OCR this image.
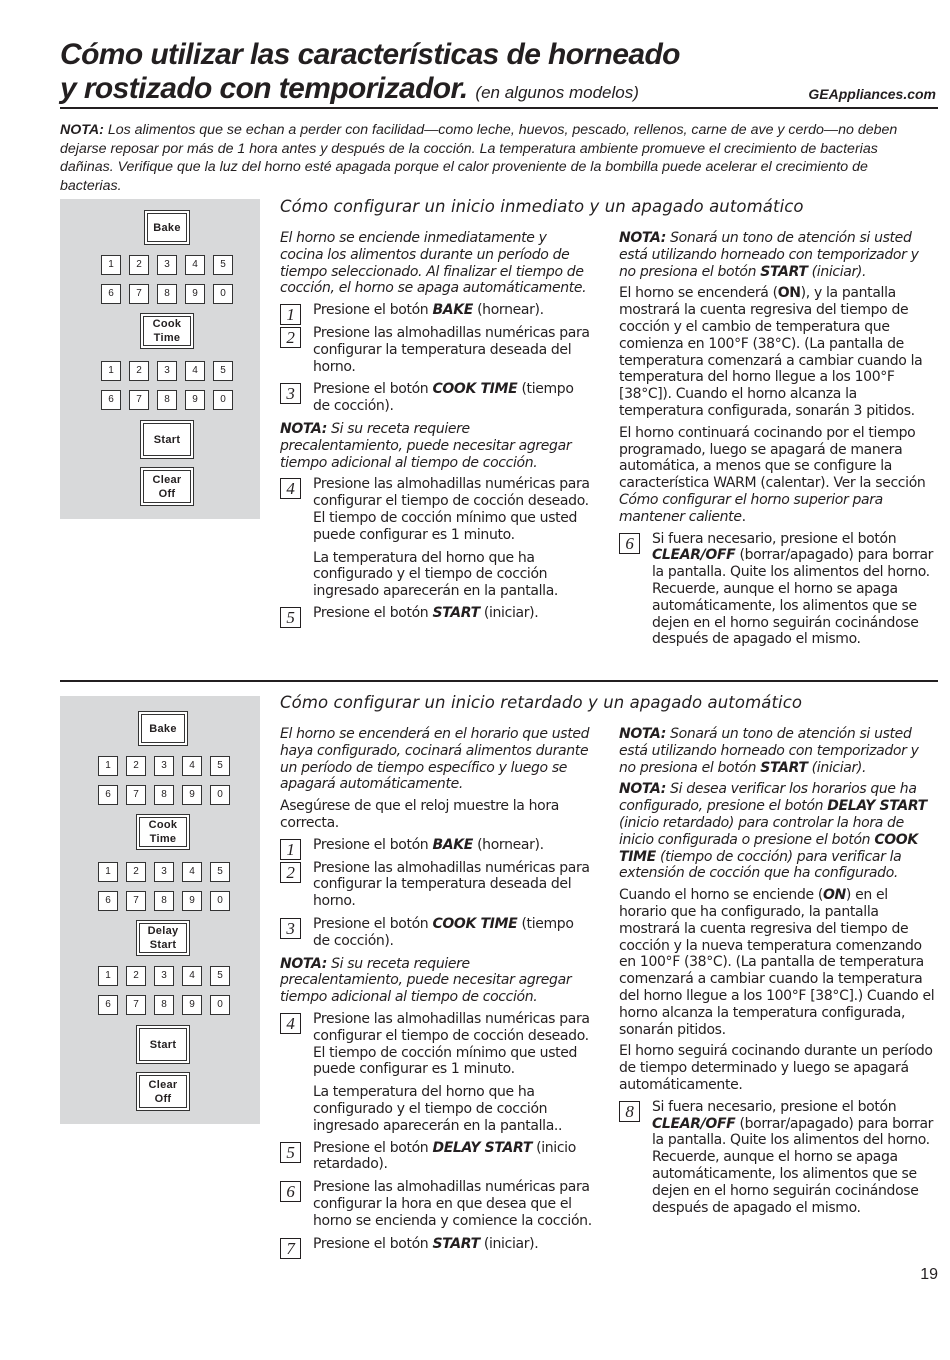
Cómo utilizar las características de horneado
y rostizado con temporizador. (en algunos modelos)	GEAppliances.com
NOTA: Los alimentos que se echan a perder con facilidad—como leche, huevos, pescado, rellenos, carne de ave y cerdo—no deben dejarse reposar por más de 1 hora antes y después de la cocción. La temperatura ambiente promueve el crecimiento de bacterias dañinas. Verifique que la luz del horno esté apagada porque el calor proveniente de la bombilla puede acelerar el crecimiento de bacterias.
Bake
1	2	3	4	5
6	7	8	9	0
Cook
Time
1	2	3	4	5
6	7	8	9	0
Start
Clear
Off
Cómo configurar un inicio inmediato y un apagado automático

El horno se enciende inmediatamente y cocina los alimentos durante un período de tiempo seleccionado. Al finalizar el tiempo de cocción, el horno se apaga automáticamente.

1	Presione el botón BAKE (hornear).
2	Presione las almohadillas numéricas para configurar la temperatura deseada del horno.
3	Presione el botón COOK TIME (tiempo de cocción).

NOTA: Si su receta requiere precalentamiento, puede necesitar agregar tiempo adicional al tiempo de cocción.

4	Presione las almohadillas numéricas para configurar el tiempo de cocción deseado. El tiempo de cocción mínimo que usted puede configurar es 1 minuto.

La temperatura del horno que ha configurado y el tiempo de cocción ingresado aparecerán en la pantalla.

5	Presione el botón START (iniciar).

NOTA: Sonará un tono de atención si usted está utilizando horneado con temporizador y no presiona el botón START (iniciar).

El horno se encenderá (ON), y la pantalla mostrará la cuenta regresiva del tiempo de cocción y el cambio de temperatura que comienza en 100°F (38°C). (La pantalla de temperatura comenzará a cambiar cuando la temperatura del horno llegue a los 100°F [38°C]). Cuando el horno alcanza la temperatura configurada, sonarán 3 pitidos.

El horno continuará cocinando por el tiempo programado, luego se apagará de manera automática, a menos que se configure la característica WARM (calentar). Ver la sección Cómo configurar el horno superior para mantener caliente.

6	Si fuera necesario, presione el botón CLEAR/OFF (borrar/apagado) para borrar la pantalla. Quite los alimentos del horno. Recuerde, aunque el horno se apaga automáticamente, los alimentos que se dejen en el horno seguirán cocinándose después de apagado el mismo.
Bake
1	2	3	4	5
6	7	8	9	0
Cook
Time
1	2	3	4	5
6	7	8	9	0
Delay
Start
1	2	3	4	5
6	7	8	9	0
Start
Clear
Off
Cómo configurar un inicio retardado y un apagado automático

El horno se encenderá en el horario que usted haya configurado, cocinará alimentos durante un período de tiempo específico y luego se apagará automáticamente.

Asegúrese de que el reloj muestre la hora correcta.

1	Presione el botón BAKE (hornear).
2	Presione las almohadillas numéricas para configurar la temperatura deseada del horno.
3	Presione el botón COOK TIME (tiempo de cocción).

NOTA: Si su receta requiere precalentamiento, puede necesitar agregar tiempo adicional al tiempo de cocción.

4	Presione las almohadillas numéricas para configurar el tiempo de cocción deseado. El tiempo de cocción mínimo que usted puede configurar es 1 minuto.

La temperatura del horno que ha configurado y el tiempo de cocción ingresado aparecerán en la pantalla..

5	Presione el botón DELAY START (inicio retardado).
6	Presione las almohadillas numéricas para configurar la hora en que desea que el horno se encienda y comience la cocción.
7	Presione el botón START (iniciar).

NOTA: Sonará un tono de atención si usted está utilizando horneado con temporizador y no presiona el botón START (iniciar).

NOTA: Si desea verificar los horarios que ha configurado, presione el botón DELAY START (inicio retardado) para controlar la hora de inicio configurada o presione el botón COOK TIME (tiempo de cocción) para verificar la extensión de cocción que ha configurado.

Cuando el horno se enciende (ON) en el horario que ha configurado, la pantalla mostrará la cuenta regresiva del tiempo de cocción y la nueva temperatura comenzando en 100°F (38°C). (La pantalla de temperatura comenzará a cambiar cuando la temperatura del horno llegue a los 100°F [38°C].) Cuando el horno alcanza la temperatura configurada, sonarán pitidos.

El horno seguirá cocinando durante un período de tiempo determinado y luego se apagará automáticamente.

8	Si fuera necesario, presione el botón CLEAR/OFF (borrar/apagado) para borrar la pantalla. Quite los alimentos del horno. Recuerde, aunque el horno se apaga automáticamente, los alimentos que se dejen en el horno seguirán cocinándose después de apagado el mismo.
19
